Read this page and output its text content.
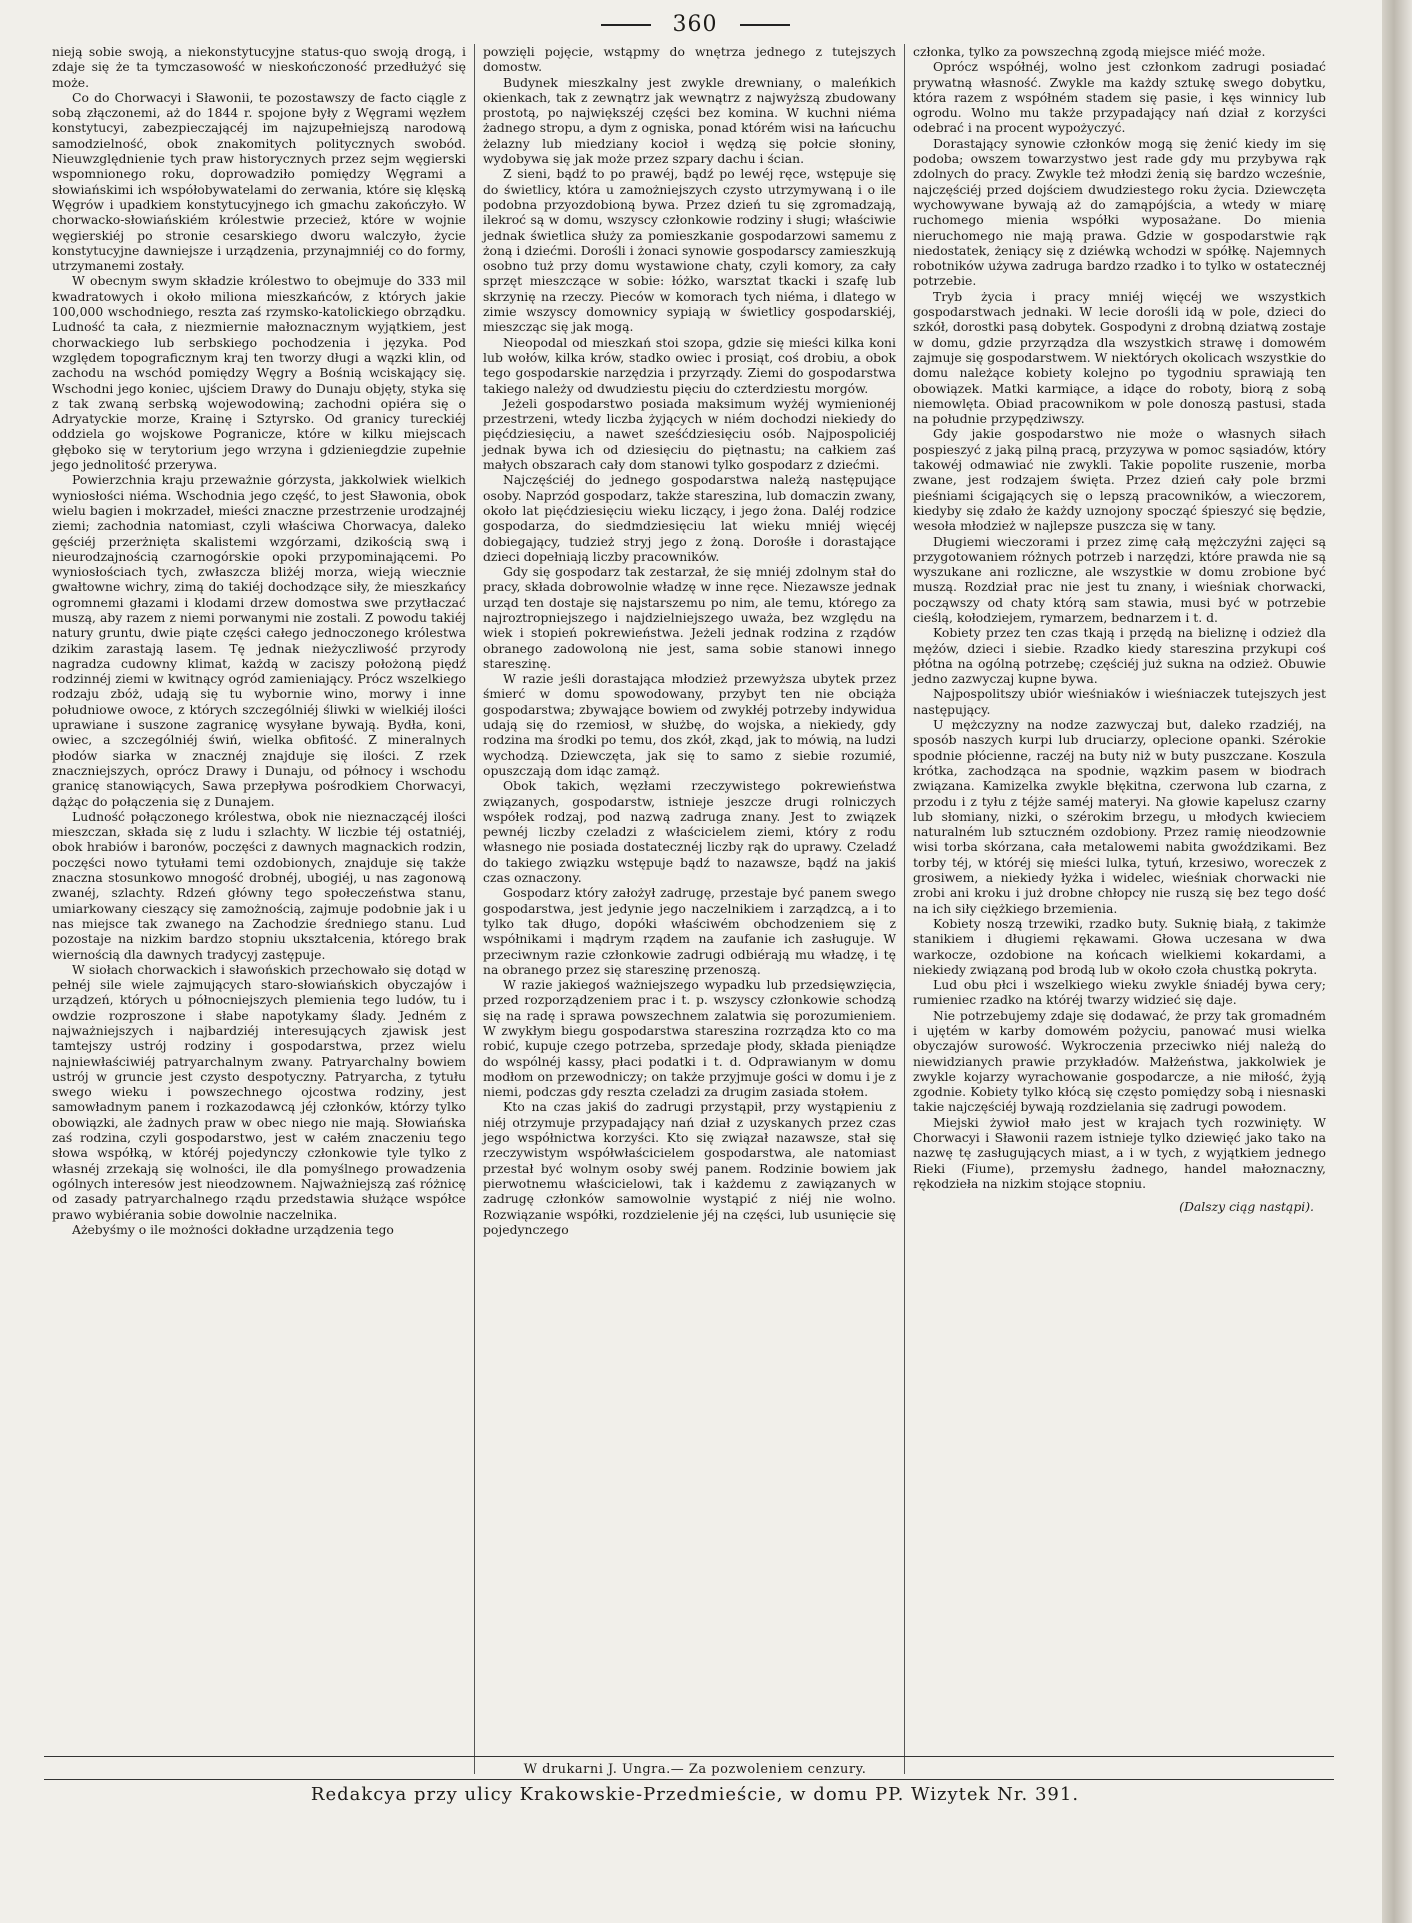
360

nieją sobie swoją, a niekonstytucyjne status-quo swoją drogą, i zdaje się że ta tymczasowość w nieskończoność przedłużyć się może.

Co do Chorwacyi i Sławonii, te pozostawszy de facto ciągle z sobą złączonemi, aż do 1844 r. spojone były z Węgrami węzłem konstytucyi, zabezpieczającéj im najzupełniejszą narodową samodzielność, obok znakomitych politycznych swobód. Nieuwzględnienie tych praw historycznych przez sejm węgierski wspomnionego roku, doprowadziło pomiędzy Węgrami a słowiańskimi ich współobywatelami do zerwania, które się klęską Węgrów i upadkiem konstytucyjnego ich gmachu zakończyło. W chorwacko-słowiańskiém królestwie przecież, które w wojnie węgierskiéj po stronie cesarskiego dworu walczyło, życie konstytucyjne dawniejsze i urządzenia, przynajmniéj co do formy, utrzymanemi zostały.

W obecnym swym składzie królestwo to obejmuje do 333 mil kwadratowych i około miliona mieszkańców, z których jakie 100,000 wschodniego, reszta zaś rzymsko-katolickiego obrządku. Ludność ta cała, z niezmiernie małoznacznym wyjątkiem, jest chorwackiego lub serbskiego pochodzenia i języka. Pod względem topograficznym kraj ten tworzy długi a wązki klin, od zachodu na wschód pomiędzy Węgry a Bośnią wciskający się. Wschodni jego koniec, ujściem Drawy do Dunaju objęty, styka się z tak zwaną serbską wojewodowiną; zachodni opiéra się o Adryatyckie morze, Krainę i Sztyrsko. Od granicy tureckiéj oddziela go wojskowe Pogranicze, które w kilku miejscach głęboko się w terytorium jego wrzyna i gdzieniegdzie zupełnie jego jednolitość przerywa.

Powierzchnia kraju przeważnie górzysta, jakkolwiek wielkich wyniosłości niéma. Wschodnia jego część, to jest Sławonia, obok wielu bagien i mokrzadeł, mieści znaczne przestrzenie urodzajnéj ziemi; zachodnia natomiast, czyli właściwa Chorwacya, daleko gęściéj przerżnięta skalistemi wzgórzami, dzikością swą i nieurodzajnością czarnogórskie opoki przypominającemi. Po wyniosłościach tych, zwłaszcza bliżéj morza, wieją wiecznie gwałtowne wichry, zimą do takiéj dochodzące siły, że mieszkańcy ogromnemi głazami i klodami drzew domostwa swe przytłaczać muszą, aby razem z niemi porwanymi nie zostali. Z powodu takiéj natury gruntu, dwie piąte części całego jednoczonego królestwa dzikim zarastają lasem. Tę jednak nieżyczliwość przyrody nagradza cudowny klimat, każdą w zaciszy położoną piędź rodzinnéj ziemi w kwitnący ogród zamieniający. Prócz wszelkiego rodzaju zbóż, udają się tu wybornie wino, morwy i inne południowe owoce, z których szczególniéj śliwki w wielkiéj ilości uprawiane i suszone zagranicę wysyłane bywają. Bydła, koni, owiec, a szczególniéj świń, wielka obfitość. Z mineralnych płodów siarka w znacznéj znajduje się ilości. Z rzek znaczniejszych, oprócz Drawy i Dunaju, od północy i wschodu granicę stanowiących, Sawa przepływa pośrodkiem Chorwacyi, dążąc do połączenia się z Dunajem.

Ludność połączonego królestwa, obok nie nieznaczącéj ilości mieszczan, składa się z ludu i szlachty. W liczbie téj ostatniéj, obok hrabiów i baronów, poczęści z dawnych magnackich rodzin, poczęści nowo tytułami temi ozdobionych, znajduje się także znaczna stosunkowo mnogość drobnéj, ubogiéj, u nas zagonową zwanéj, szlachty. Rdzeń główny tego społeczeństwa stanu, umiarkowany cieszący się zamożnością, zajmuje podobnie jak i u nas miejsce tak zwanego na Zachodzie średniego stanu. Lud pozostaje na nizkim bardzo stopniu ukształcenia, którego brak wiernością dla dawnych tradycyj zastępuje.

W siołach chorwackich i sławońskich przechowało się dotąd w pełnéj sile wiele zajmujących staro-słowiańskich obyczajów i urządzeń, których u północniejszych plemienia tego ludów, tu i owdzie rozproszone i słabe napotykamy ślady. Jedném z najważniejszych i najbardziéj interesujących zjawisk jest tamtejszy ustrój rodziny i gospodarstwa, przez wielu najniewłaściwiéj patryarchalnym zwany. Patryarchalny bowiem ustrój w gruncie jest czysto despotyczny. Patryarcha, z tytułu swego wieku i powszechnego ojcostwa rodziny, jest samowładnym panem i rozkazodawcą jéj członków, którzy tylko obowiązki, ale żadnych praw w obec niego nie mają. Słowiańska zaś rodzina, czyli gospodarstwo, jest w całém znaczeniu tego słowa współką, w któréj pojedynczy członkowie tyle tylko z własnéj zrzekają się wolności, ile dla pomyślnego prowadzenia ogólnych interesów jest nieodzownem. Najważniejszą zaś różnicę od zasady patryarchalnego rządu przedstawia służące współce prawo wybiérania sobie dowolnie naczelnika.

Ażebyśmy o ile możności dokładne urządzenia tego

powzięli pojęcie, wstąpmy do wnętrza jednego z tutejszych domostw.

Budynek mieszkalny jest zwykle drewniany, o maleńkich okienkach, tak z zewnątrz jak wewnątrz z najwyższą zbudowany prostotą, po największéj części bez komina. W kuchni niéma żadnego stropu, a dym z ogniska, ponad którém wisi na łańcuchu żelazny lub miedziany kocioł i wędzą się połcie słoniny, wydobywa się jak może przez szpary dachu i ścian.

Z sieni, bądź to po prawéj, bądź po lewéj ręce, wstępuje się do świetlicy, która u zamożniejszych czysto utrzymywaną i o ile podobna przyozdobioną bywa. Przez dzień tu się zgromadzają, ilekroć są w domu, wszyscy członkowie rodziny i sługi; właściwie jednak świetlica służy za pomieszkanie gospodarzowi samemu z żoną i dziećmi. Dorośli i żonaci synowie gospodarscy zamieszkują osobno tuż przy domu wystawione chaty, czyli komory, za cały sprzęt mieszczące w sobie: łóżko, warsztat tkacki i szafę lub skrzynię na rzeczy. Pieców w komorach tych niéma, i dlatego w zimie wszyscy domownicy sypiają w świetlicy gospodarskiéj, mieszcząc się jak mogą.

Nieopodal od mieszkań stoi szopa, gdzie się mieści kilka koni lub wołów, kilka krów, stadko owiec i prosiąt, coś drobiu, a obok tego gospodarskie narzędzia i przyrządy. Ziemi do gospodarstwa takiego należy od dwudziestu pięciu do czterdziestu morgów.

Jeżeli gospodarstwo posiada maksimum wyżéj wymienionéj przestrzeni, wtedy liczba żyjących w niém dochodzi niekiedy do pięćdziesięciu, a nawet sześćdziesięciu osób. Najpospoliciéj jednak bywa ich od dziesięciu do piętnastu; na całkiem zaś małych obszarach cały dom stanowi tylko gospodarz z dziećmi.

Najczęściéj do jednego gospodarstwa należą następujące osoby. Naprzód gospodarz, także stareszina, lub domaczin zwany, około lat pięćdziesięciu wieku liczący, i jego żona. Daléj rodzice gospodarza, do siedmdziesięciu lat wieku mniéj więcéj dobiegający, tudzież stryj jego z żoną. Dorośłe i dorastające dzieci dopełniają liczby pracowników.

Gdy się gospodarz tak zestarzał, że się mniéj zdolnym stał do pracy, składa dobrowolnie władzę w inne ręce. Niezawsze jednak urząd ten dostaje się najstarszemu po nim, ale temu, którego za najroztropniejszego i najdzielniejszego uważa, bez względu na wiek i stopień pokrewieństwa. Jeżeli jednak rodzina z rządów obranego zadowoloną nie jest, sama sobie stanowi innego stareszinę.

W razie jeśli dorastająca młodzież przewyższa ubytek przez śmierć w domu spowodowany, przybyt ten nie obciąża gospodarstwa; zbywające bowiem od zwykłéj potrzeby indywidua udają się do rzemiosł, w służbę, do wojska, a niekiedy, gdy rodzina ma środki po temu, dos zkół, zkąd, jak to mówią, na ludzi wychodzą. Dziewczęta, jak się to samo z siebie rozumié, opuszczają dom idąc zamąż.

Obok takich, węzłami rzeczywistego pokrewieństwa związanych, gospodarstw, istnieje jeszcze drugi rolniczych współek rodzaj, pod nazwą zadruga znany. Jest to związek pewnéj liczby czeladzi z właścicielem ziemi, który z rodu własnego nie posiada dostatecznéj liczby rąk do uprawy. Czeladź do takiego związku wstępuje bądź to nazawsze, bądź na jakiś czas oznaczony.

Gospodarz który założył zadrugę, przestaje być panem swego gospodarstwa, jest jedynie jego naczelnikiem i zarządzcą, a i to tylko tak długo, dopóki właściwém obchodzeniem się z współnikami i mądrym rządem na zaufanie ich zasługuje. W przeciwnym razie członkowie zadrugi odbiérają mu władzę, i tę na obranego przez się stareszinę przenoszą.

W razie jakiegoś ważniejszego wypadku lub przedsięwzięcia, przed rozporządzeniem prac i t. p. wszyscy członkowie schodzą się na radę i sprawa powszechnem zalatwia się porozumieniem. W zwykłym biegu gospodarstwa stareszina rozrządza kto co ma robić, kupuje czego potrzeba, sprzedaje płody, składa pieniądze do wspólnéj kassy, płaci podatki i t. d. Odprawianym w domu modłom on przewodniczy; on także przyjmuje gości w domu i je z niemi, podczas gdy reszta czeladzi za drugim zasiada stołem.

Kto na czas jakiś do zadrugi przystąpił, przy wystąpieniu z niéj otrzymuje przypadający nań dział z uzyskanych przez czas jego współnictwa korzyści. Kto się związał nazawsze, stał się rzeczywistym współwłaścicielem gospodarstwa, ale natomiast przestał być wolnym osoby swéj panem. Rodzinie bowiem jak pierwotnemu właścicielowi, tak i każdemu z zawiązanych w zadrugę członków samowolnie wystąpić z niéj nie wolno. Rozwiązanie współki, rozdzielenie jéj na części, lub usunięcie się pojedynczego

członka, tylko za powszechną zgodą miejsce miéć może.

Oprócz współnéj, wolno jest członkom zadrugi posiadać prywatną własność. Zwykle ma każdy sztukę swego dobytku, która razem z współném stadem się pasie, i kęs winnicy lub ogrodu. Wolno mu także przypadający nań dział z korzyści odebrać i na procent wypożyczyć.

Dorastający synowie członków mogą się żenić kiedy im się podoba; owszem towarzystwo jest rade gdy mu przybywa rąk zdolnych do pracy. Zwykle też młodzi żenią się bardzo wcześnie, najczęściéj przed dojściem dwudziestego roku życia. Dziewczęta wychowywane bywają aż do zamąpójścia, a wtedy w miarę ruchomego mienia współki wyposażane. Do mienia nieruchomego nie mają prawa. Gdzie w gospodarstwie rąk niedostatek, żeniący się z dziéwką wchodzi w spółkę. Najemnych robotników używa zadruga bardzo rzadko i to tylko w ostatecznéj potrzebie.

Tryb życia i pracy mniéj więcéj we wszystkich gospodarstwach jednaki. W lecie dorośli idą w pole, dzieci do szkół, dorostki pasą dobytek. Gospodyni z drobną dziatwą zostaje w domu, gdzie przyrządza dla wszystkich strawę i domowém zajmuje się gospodarstwem. W niektórych okolicach wszystkie do domu należące kobiety kolejno po tygodniu sprawiają ten obowiązek. Matki karmiące, a idące do roboty, biorą z sobą niemowlęta. Obiad pracownikom w pole donoszą pastusi, stada na południe przypędziwszy.

Gdy jakie gospodarstwo nie może o własnych siłach pospieszyć z jaką pilną pracą, przyzywa w pomoc sąsiadów, który takowéj odmawiać nie zwykli. Takie popolite ruszenie, morba zwane, jest rodzajem święta. Przez dzień cały pole brzmi pieśniami ścigających się o lepszą pracowników, a wieczorem, kiedyby się zdało że każdy uznojony spocząć śpieszyć się będzie, wesoła młodzież w najlepsze puszcza się w tany.

Długiemi wieczorami i przez zimę całą mężczyźni zajęci są przygotowaniem różnych potrzeb i narzędzi, które prawda nie są wyszukane ani rozliczne, ale wszystkie w domu zrobione być muszą. Rozdział prac nie jest tu znany, i wieśniak chorwacki, począwszy od chaty którą sam stawia, musi być w potrzebie cieślą, kołodziejem, rymarzem, bednarzem i t. d.

Kobiety przez ten czas tkają i przędą na bieliznę i odzież dla mężów, dzieci i siebie. Rzadko kiedy stareszina przykupi coś płótna na ogólną potrzebę; częściéj już sukna na odzież. Obuwie jedno zazwyczaj kupne bywa.

Najpospolitszy ubiór wieśniaków i wieśniaczek tutejszych jest następujący.

U mężczyzny na nodze zazwyczaj but, daleko rzadziéj, na sposób naszych kurpi lub druciarzy, oplecione opanki. Szérokie spodnie płócienne, raczéj na buty niż w buty puszczane. Koszula krótka, zachodząca na spodnie, wązkim pasem w biodrach związana. Kamizelka zwykle błękitna, czerwona lub czarna, z przodu i z tyłu z téjże saméj materyi. Na głowie kapelusz czarny lub słomiany, nizki, o szérokim brzegu, u młodych kwieciem naturalném lub sztuczném ozdobiony. Przez ramię nieodzownie wisi torba skórzana, cała metalowemi nabita gwoździkami. Bez torby téj, w któréj się mieści lulka, tytuń, krzesiwo, woreczek z grosiwem, a niekiedy łyżka i widelec, wieśniak chorwacki nie zrobi ani kroku i już drobne chłopcy nie ruszą się bez tego dość na ich siły ciężkiego brzemienia.

Kobiety noszą trzewiki, rzadko buty. Suknię białą, z takimże stanikiem i długiemi rękawami. Głowa uczesana w dwa warkocze, ozdobione na końcach wielkiemi kokardami, a niekiedy związaną pod brodą lub w około czoła chustką pokryta.

Lud obu płci i wszelkiego wieku zwykle śniadéj bywa cery; rumieniec rzadko na któréj twarzy widzieć się daje.

Nie potrzebujemy zdaje się dodawać, że przy tak gromadném i ujętém w karby domowém pożyciu, panować musi wielka obyczajów surowość. Wykroczenia przeciwko niéj należą do niewidzianych prawie przykładów. Małżeństwa, jakkolwiek je zwykle kojarzy wyrachowanie gospodarcze, a nie miłość, żyją zgodnie. Kobiety tylko kłócą się często pomiędzy sobą i niesnaski takie najczęściéj bywają rozdzielania się zadrugi powodem.

Miejski żywioł mało jest w krajach tych rozwinięty. W Chorwacyi i Sławonii razem istnieje tylko dziewięć jako tako na nazwę tę zasługujących miast, a i w tych, z wyjątkiem jednego Rieki (Fiume), przemysłu żadnego, handel małoznaczny, rękodzieła na nizkim stojące stopniu.

(Dalszy ciąg nastąpi).
W drukarni J. Ungra.— Za pozwoleniem cenzury.
Redakcya przy ulicy Krakowskie-Przedmieście, w domu PP. Wizytek Nr. 391.
